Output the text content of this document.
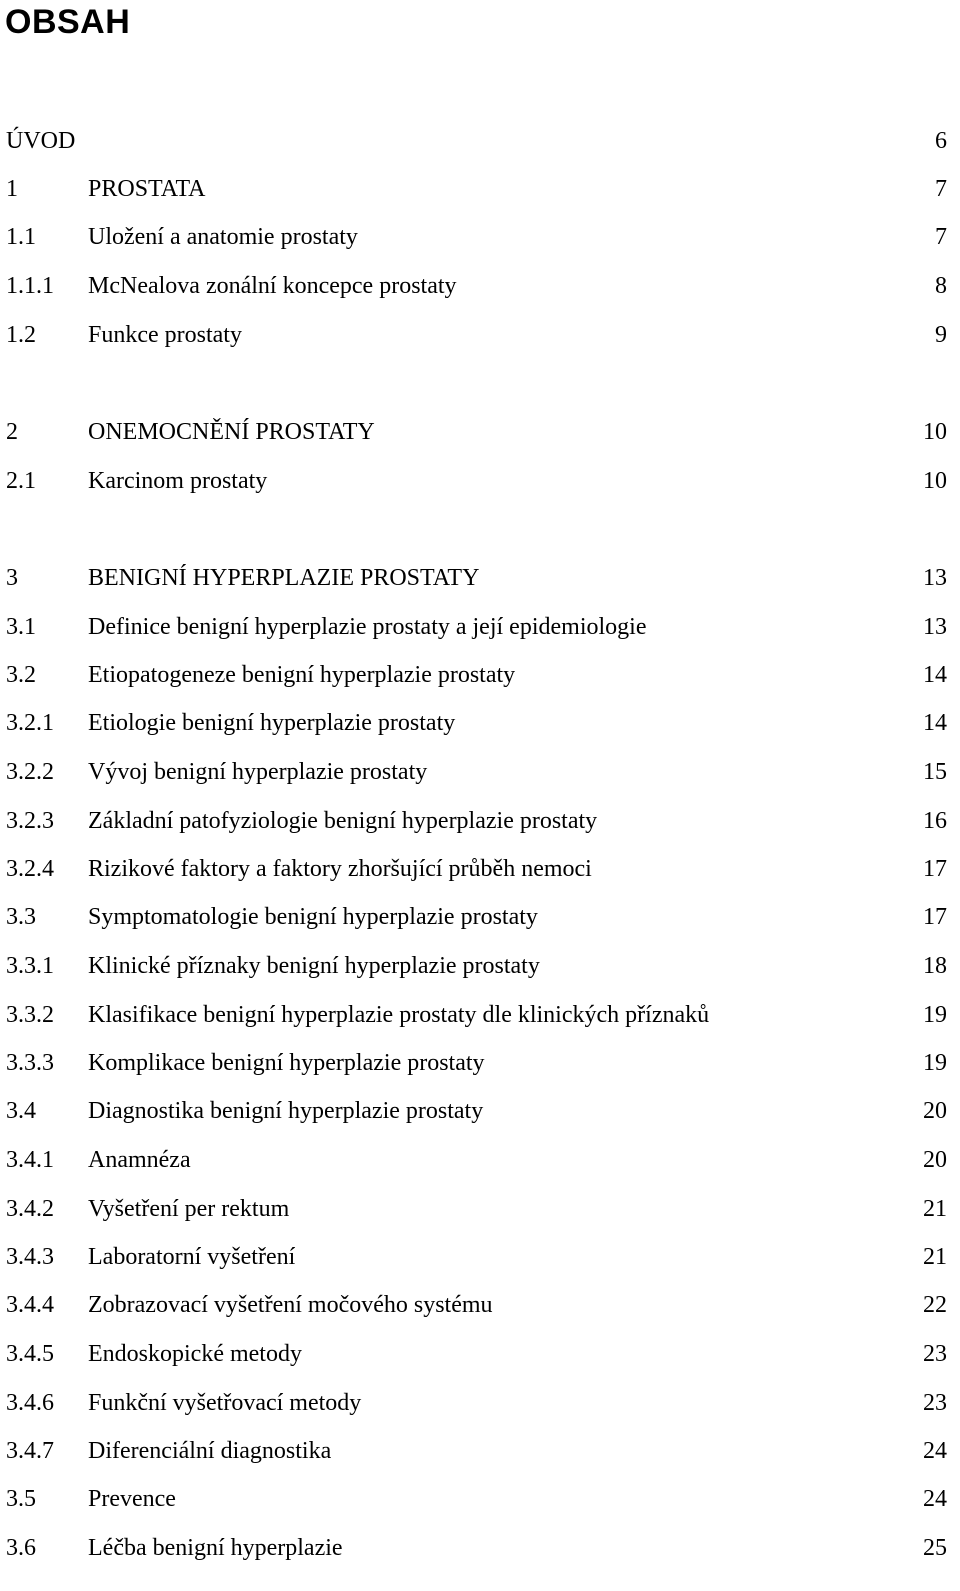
OBSAH
ÚVOD	6
1	PROSTATA	7
1.1 Uložení a anatomie prostaty	7
1.1.1 McNealova zonální koncepce prostaty	8
1.2 Funkce prostaty	9
2	ONEMOCNĚNÍ PROSTATY	10
2.1 Karcinom prostaty	10
3	BENIGNÍ HYPERPLAZIE PROSTATY	13
3.1 Definice benigní hyperplazie prostaty a její epidemiologie	13
3.2 Etiopatogeneze benigní hyperplazie prostaty	14
3.2.1 Etiologie benigní hyperplazie prostaty	14
3.2.2 Vývoj benigní hyperplazie prostaty	15
3.2.3 Základní patofyziologie benigní hyperplazie prostaty	16
3.2.4 Rizikové faktory a faktory zhoršující průběh nemoci	17
3.3 Symptomatologie benigní hyperplazie prostaty	17
3.3.1 Klinické příznaky benigní hyperplazie prostaty	18
3.3.2 Klasifikace benigní hyperplazie prostaty dle klinických příznaků	19
3.3.3 Komplikace benigní hyperplazie prostaty	19
3.4 Diagnostika benigní hyperplazie prostaty	20
3.4.1 Anamnéza	20
3.4.2 Vyšetření per rektum	21
3.4.3 Laboratorní vyšetření	21
3.4.4 Zobrazovací vyšetření močového systému	22
3.4.5 Endoskopické metody	23
3.4.6 Funkční vyšetřovací metody	23
3.4.7 Diferenciální diagnostika	24
3.5 Prevence	24
3.6 Léčba benigní hyperplazie	25
